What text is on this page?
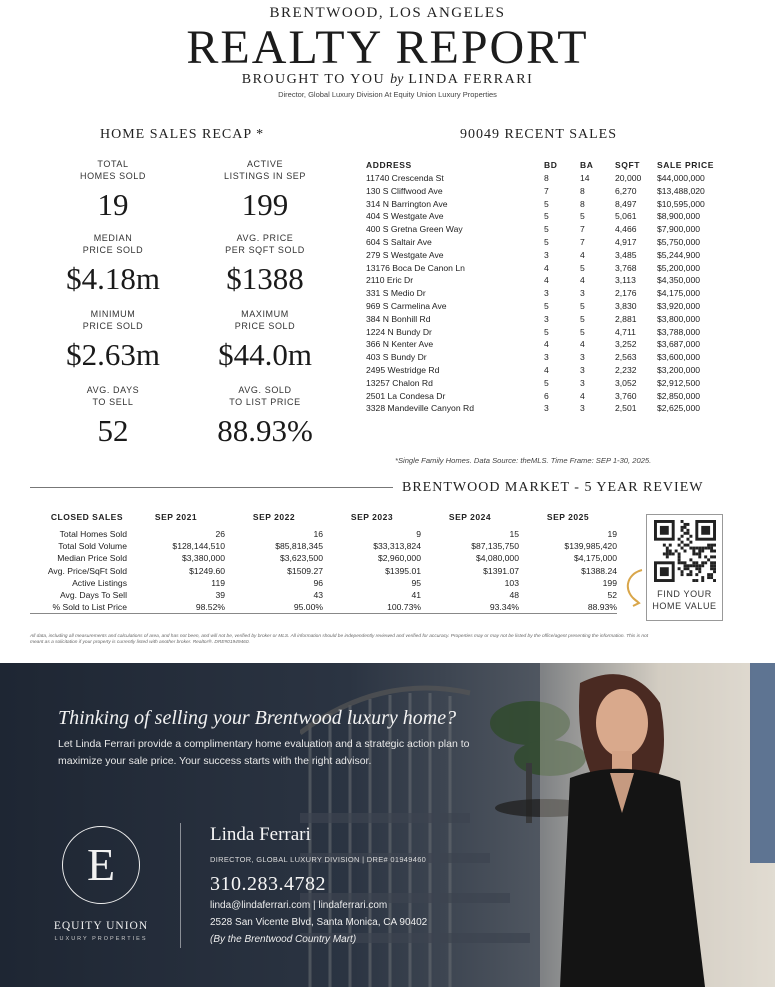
BRENTWOOD, LOS ANGELES
REALTY REPORT
BROUGHT TO YOU by LINDA FERRARI
Director, Global Luxury Division At Equity Union Luxury Properties
HOME SALES RECAP *
TOTAL
HOMES SOLD
19
ACTIVE
LISTINGS IN SEP
199
MEDIAN
PRICE SOLD
$4.18m
AVG. PRICE
PER SQFT SOLD
$1388
MINIMUM
PRICE SOLD
$2.63m
MAXIMUM
PRICE SOLD
$44.0m
AVG. DAYS
TO SELL
52
AVG. SOLD
TO LIST PRICE
88.93%
90049 RECENT SALES
ADDRESS	BD	BA	SQFT	SALE PRICE
11740 Crescenda St	8	14	20,000	$44,000,000
130 S Cliffwood Ave	7	8	6,270	$13,488,020
314 N Barrington Ave	5	8	8,497	$10,595,000
404 S Westgate Ave	5	5	5,061	$8,900,000
400 S Gretna Green Way	5	7	4,466	$7,900,000
604 S Saltair Ave	5	7	4,917	$5,750,000
279 S Westgate Ave	3	4	3,485	$5,244,900
13176 Boca De Canon Ln	4	5	3,768	$5,200,000
2110 Eric Dr	4	4	3,113	$4,350,000
331 S Medio Dr	3	3	2,176	$4,175,000
969 S Carmelina Ave	5	5	3,830	$3,920,000
384 N Bonhill Rd	3	5	2,881	$3,800,000
1224 N Bundy Dr	5	5	4,711	$3,788,000
366 N Kenter Ave	4	4	3,252	$3,687,000
403 S Bundy Dr	3	3	2,563	$3,600,000
2495 Westridge Rd	4	3	2,232	$3,200,000
13257 Chalon Rd	5	3	3,052	$2,912,500
2501 La Condesa Dr	6	4	3,760	$2,850,000
3328 Mandeville Canyon Rd	3	3	2,501	$2,625,000
*Single Family Homes. Data Source: theMLS. Time Frame: SEP 1-30, 2025.
BRENTWOOD MARKET - 5 YEAR REVIEW
CLOSED SALES	SEP 2021	SEP 2022	SEP 2023	SEP 2024	SEP 2025
Total Homes Sold	26	16	9	15	19
Total Sold Volume	$128,144,510	$85,818,345	$33,313,824	$87,135,750	$139,985,420
Median Price Sold	$3,380,000	$3,623,500	$2,960,000	$4,080,000	$4,175,000
Avg. Price/SqFt Sold	$1249.60	$1509.27	$1395.01	$1391.07	$1388.24
Active Listings	119	96	95	103	199
Avg. Days To Sell	39	43	41	48	52
% Sold to List Price	98.52%	95.00%	100.73%	93.34%	88.93%
FIND YOUR
HOME VALUE
All data, including all measurements and calculations of area, and has not been, and will not be, verified by broker or MLS. All information should be independently reviewed and verified for accuracy. Properties may or may not be listed by the office/agent presenting the information. This is not meant as a solicitation if your property is currently listed with another broker. Realtor®. DRE#01949460.
Thinking of selling your Brentwood luxury home?
Let Linda Ferrari provide a complimentary home evaluation and a strategic action plan to maximize your sale price. Your success starts with the right advisor.
E
EQUITY UNION
LUXURY PROPERTIES
Linda Ferrari
DIRECTOR, GLOBAL LUXURY DIVISION | DRE# 01949460
310.283.4782
linda@lindaferrari.com | lindaferrari.com
2528 San Vicente Blvd, Santa Monica, CA 90402
(By the Brentwood Country Mart)
